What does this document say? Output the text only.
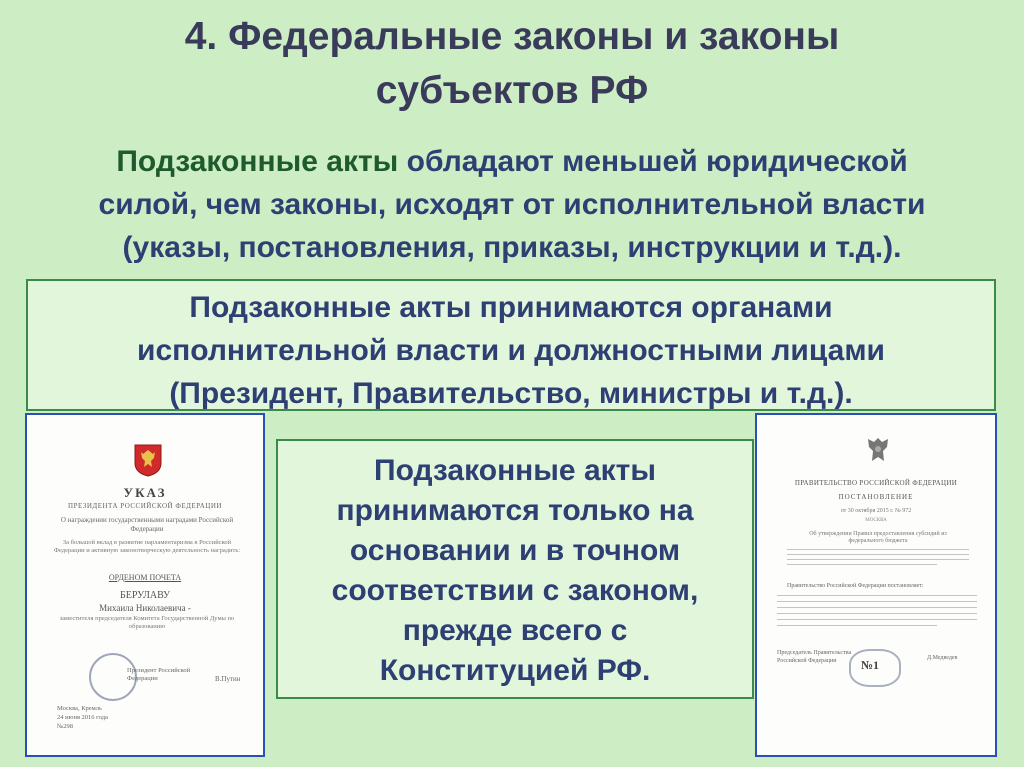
4. Федеральные законы и законы
субъектов РФ
Подзаконные акты обладают меньшей юридической
силой, чем законы, исходят от исполнительной власти
(указы, постановления, приказы, инструкции и т.д.).
Подзаконные акты принимаются органами
исполнительной власти и должностными лицами
(Президент, Правительство, министры и т.д.).
Подзаконные акты
принимаются только на
основании и в точном
соответствии с законом,
прежде всего с
Конституцией РФ.
УКАЗ
ПРЕЗИДЕНТА РОССИЙСКОЙ ФЕДЕРАЦИИ
О награждении государственными наградами Российской Федерации
За большой вклад в развитие парламентаризма в Российской Федерации и активную законотворческую деятельность наградить:
ОРДЕНОМ ПОЧЕТА
БЕРУЛАВУ
Михаила Николаевича -
заместителя председателя Комитета Государственной Думы по образованию
Президент Российской Федерации	В.Путин
Москва, Кремль
24 июня 2016 года
№298
ПРАВИТЕЛЬСТВО РОССИЙСКОЙ ФЕДЕРАЦИИ
ПОСТАНОВЛЕНИЕ
от 30 октября 2015 г. № 972
МОСКВА
Об утверждении Правил предоставления субсидий из федерального бюджета
Правительство Российской Федерации постановляет:
Председатель Правительства Российской Федерации	№1	Д.Медведев
